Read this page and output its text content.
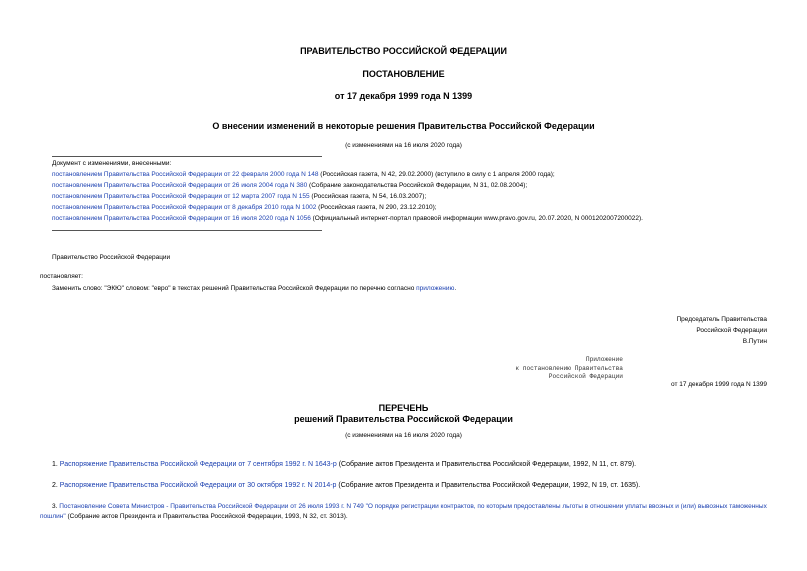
ПРАВИТЕЛЬСТВО РОССИЙСКОЙ ФЕДЕРАЦИИ
ПОСТАНОВЛЕНИЕ
от 17 декабря 1999 года N 1399
О внесении изменений в некоторые решения Правительства Российской Федерации
(с изменениями на 16 июля 2020 года)
Документ с изменениями, внесенными:
постановлением Правительства Российской Федерации от 22 февраля 2000 года N 148 (Российская газета, N 42, 29.02.2000) (вступило в силу с 1 апреля 2000 года);
постановлением Правительства Российской Федерации от 26 июля 2004 года N 380 (Собрание законодательства Российской Федерации, N 31, 02.08.2004);
постановлением Правительства Российской Федерации от 12 марта 2007 года N 155 (Российская газета, N 54, 16.03.2007);
постановлением Правительства Российской Федерации от 8 декабря 2010 года N 1002 (Российская газета, N 290, 23.12.2010);
постановлением Правительства Российской Федерации от 16 июля 2020 года N 1056 (Официальный интернет-портал правовой информации www.pravo.gov.ru, 20.07.2020, N 0001202007200022).
Правительство Российской Федерации
постановляет:
Заменить слово: "ЭКЮ" словом: "евро" в текстах решений Правительства Российской Федерации по перечню согласно приложению.
Председатель Правительства
Российской Федерации
В.Путин
Приложение
к постановлению Правительства
Российской Федерации
от 17 декабря 1999 года N 1399
ПЕРЕЧЕНЬ
решений Правительства Российской Федерации
(с изменениями на 16 июля 2020 года)
1. Распоряжение Правительства Российской Федерации от 7 сентября 1992 г. N 1643-р (Собрание актов Президента и Правительства Российской Федерации, 1992, N 11, ст. 879).
2. Распоряжение Правительства Российской Федерации от 30 октября 1992 г. N 2014-р (Собрание актов Президента и Правительства Российской Федерации, 1992, N 19, ст. 1635).
3. Постановление Совета Министров - Правительства Российской Федерации от 26 июля 1993 г. N 749 "О порядке регистрации контрактов, по которым предоставлены льготы в отношении уплаты ввозных и (или) вывозных таможенных пошлин" (Собрание актов Президента и Правительства Российской Федерации, 1993, N 32, ст. 3013).
